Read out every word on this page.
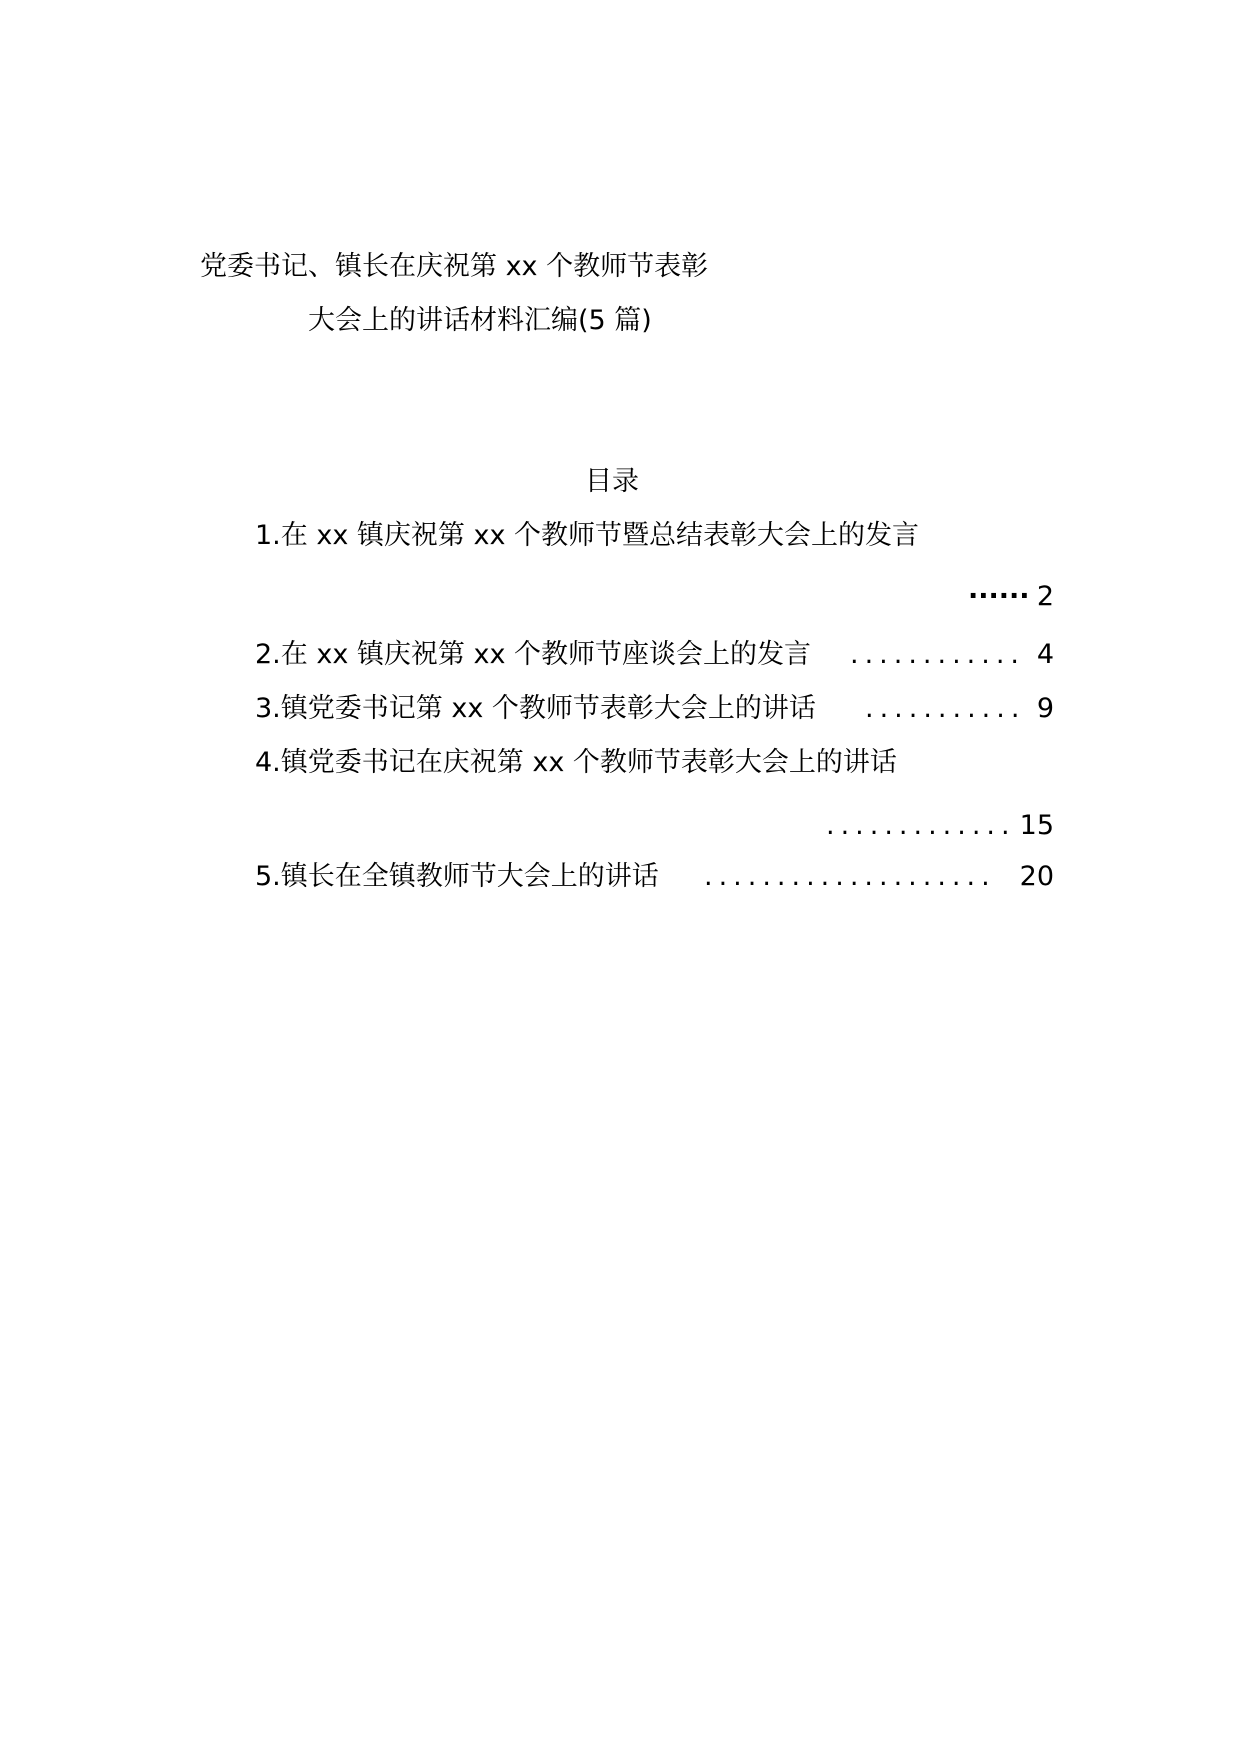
党委书记、镇长在庆祝第 xx 个教师节表彰
大会上的讲话材料汇编(5 篇)
目录
1.在 xx 镇庆祝第 xx 个教师节暨总结表彰大会上的发言
······ 2
2.在 xx 镇庆祝第 xx 个教师节座谈会上的发言 ............ 4
3.镇党委书记第 xx 个教师节表彰大会上的讲话 ........... 9
4.镇党委书记在庆祝第 xx 个教师节表彰大会上的讲话
............. 15
5.镇长在全镇教师节大会上的讲话 .................... 20
